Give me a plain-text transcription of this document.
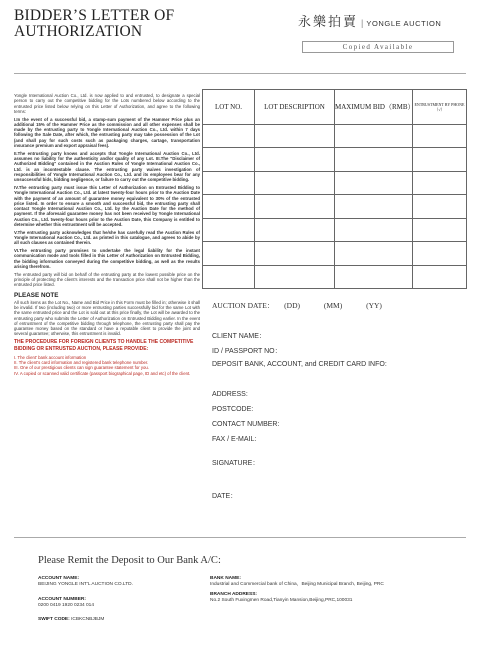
BIDDER’S LETTER OF
AUTHORIZATION
永樂拍賣 | YONGLE AUCTION
Copied Available

Yongle International Auction Co., Ltd. is now applied to and entrusted, to designate a special person to carry out the competitive bidding for the Lots numbered below according to the entrusted price listed below relying on this Letter of Authorization, and agree to the following terms:

I.In the event of a successful bid, a stamp-sum payment of the Hammer Price plus an additional 15% of the Hammer Price as the commission and all other expenses shall be made by the entrusting party to Yongle International Auction Co., Ltd. within 7 days following the Sale Date, after which, the entrusting party may take possession of the Lot (and shall pay for such costs such as packaging charges, cartage, transportation insurance premium and export appraisal fees).

II.The entrusting party knows and accepts that Yongle International Auction Co., Ltd. assumes no liability for the authenticity and/or quality of any Lot. III.The "Disclaimer of Authorized Bidding" contained in the Auction Rules of Yongle International Auction Co., Ltd. is an incontestable clause. The entrusting party waives investigation of responsibilities of Yongle International Auction Co., Ltd. and its employees bear for any unsuccessful bids, bidding negligence, or failure to carry out the competitive bidding.

IV.The entrusting party must issue this Letter of Authorization on Entrusted Bidding to Yongle International Auction Co., Ltd. at latest twenty-four hours prior to the Auction Date with the payment of an amount of guarantee money equivalent to 30% of the entrusted price listed. In order to ensure a smooth and successful bid, the entrusting party shall contact Yongle International Auction Co., Ltd. by the Auction Date for the method of payment. If the aforesaid guarantee money has not been received by Yongle International Auction Co., Ltd. twenty-four hours prior to the Auction Date, this Company is entitled to determine whether this entrustment will be accepted.

V.The entrusting party acknowledges that he/she has carefully read the Auction Rules of Yongle International Auction Co., Ltd. as printed in this catalogue, and agrees to abide by all such clauses as contained therein.

VI.The entrusting party promises to undertake the legal liability for the instant communication mode and tools filled in this Letter of Authorization on Entrusted Bidding, the bidding information conveyed during the competitive bidding, as well as the results arising therefrom.

The entrusted party will bid on behalf of the entrusting party at the lowest possible price on the principle of protecting the client's interests and the transaction price shall not be higher than the entrusted price listed.

PLEASE NOTE

All such items as the Lot No., Name and Bid Price in this Form must be filled in; otherwise it shall be invalid. If two (including two) or more entrusting parties successfully bid for the same Lot with the same entrusted price and the Lot is sold out at this price finally, the Lot will be awarded to the entrusting party who submits the Letter of Authorization on Entrusted Bidding earlier. In the event of entrustment of the competitive bidding through telephone, the entrusting party shall pay the guarantee money based on the standard or have a reputable client to provide the joint and several guarantee; otherwise, this entrustment is invalid.

THE PROCEDURE FOR FOREIGN CLIENTS TO HANDLE THE COMPETITIVE BIDDING OR ENTRUSTED AUCTION, PLEASE PROVIDE:
I. The client' bank account information
II. The client's card information and registered bank telephone number.
III. One of our prestigious clients can sign guarantee statement for you.
IV. A copied or scanned valid certificate (passport biographical page, ID and etc) of the client.
LOT NO.	LOT DESCRIPTION	MAXIMUM BID（RMB）	ENTRUSTMENT BY PHONE（√）

AUCTION DATE： (DD)	(MM)	(YY)
CLIENT NAME：
ID / PASSPORT NO：
DEPOSIT BANK, ACCOUNT, and CREDIT CARD INFO:
ADDRESS:
POSTCODE:
CONTACT NUMBER:
FAX / E-MAIL:
SIGNATURE：
DATE：
Please Remit the Deposit to Our Bank A/C:
ACCOUNT NAME:
BEIJING YONGLE INT'L AUCTION CO.LTD.
ACCOUNT NUMBER:
0200 0419 1920 0234 014
SWIFT CODE: ICBKCNBJBJM
BANK NAME:
Industrial and Commercial bank of China，Beijing Municipal Branch, Beijing, PRC
BRANCH ADDRESS:
No.2 South Fuxingmen Road,Tianyin Mansion,Beijing,PRC,100031
